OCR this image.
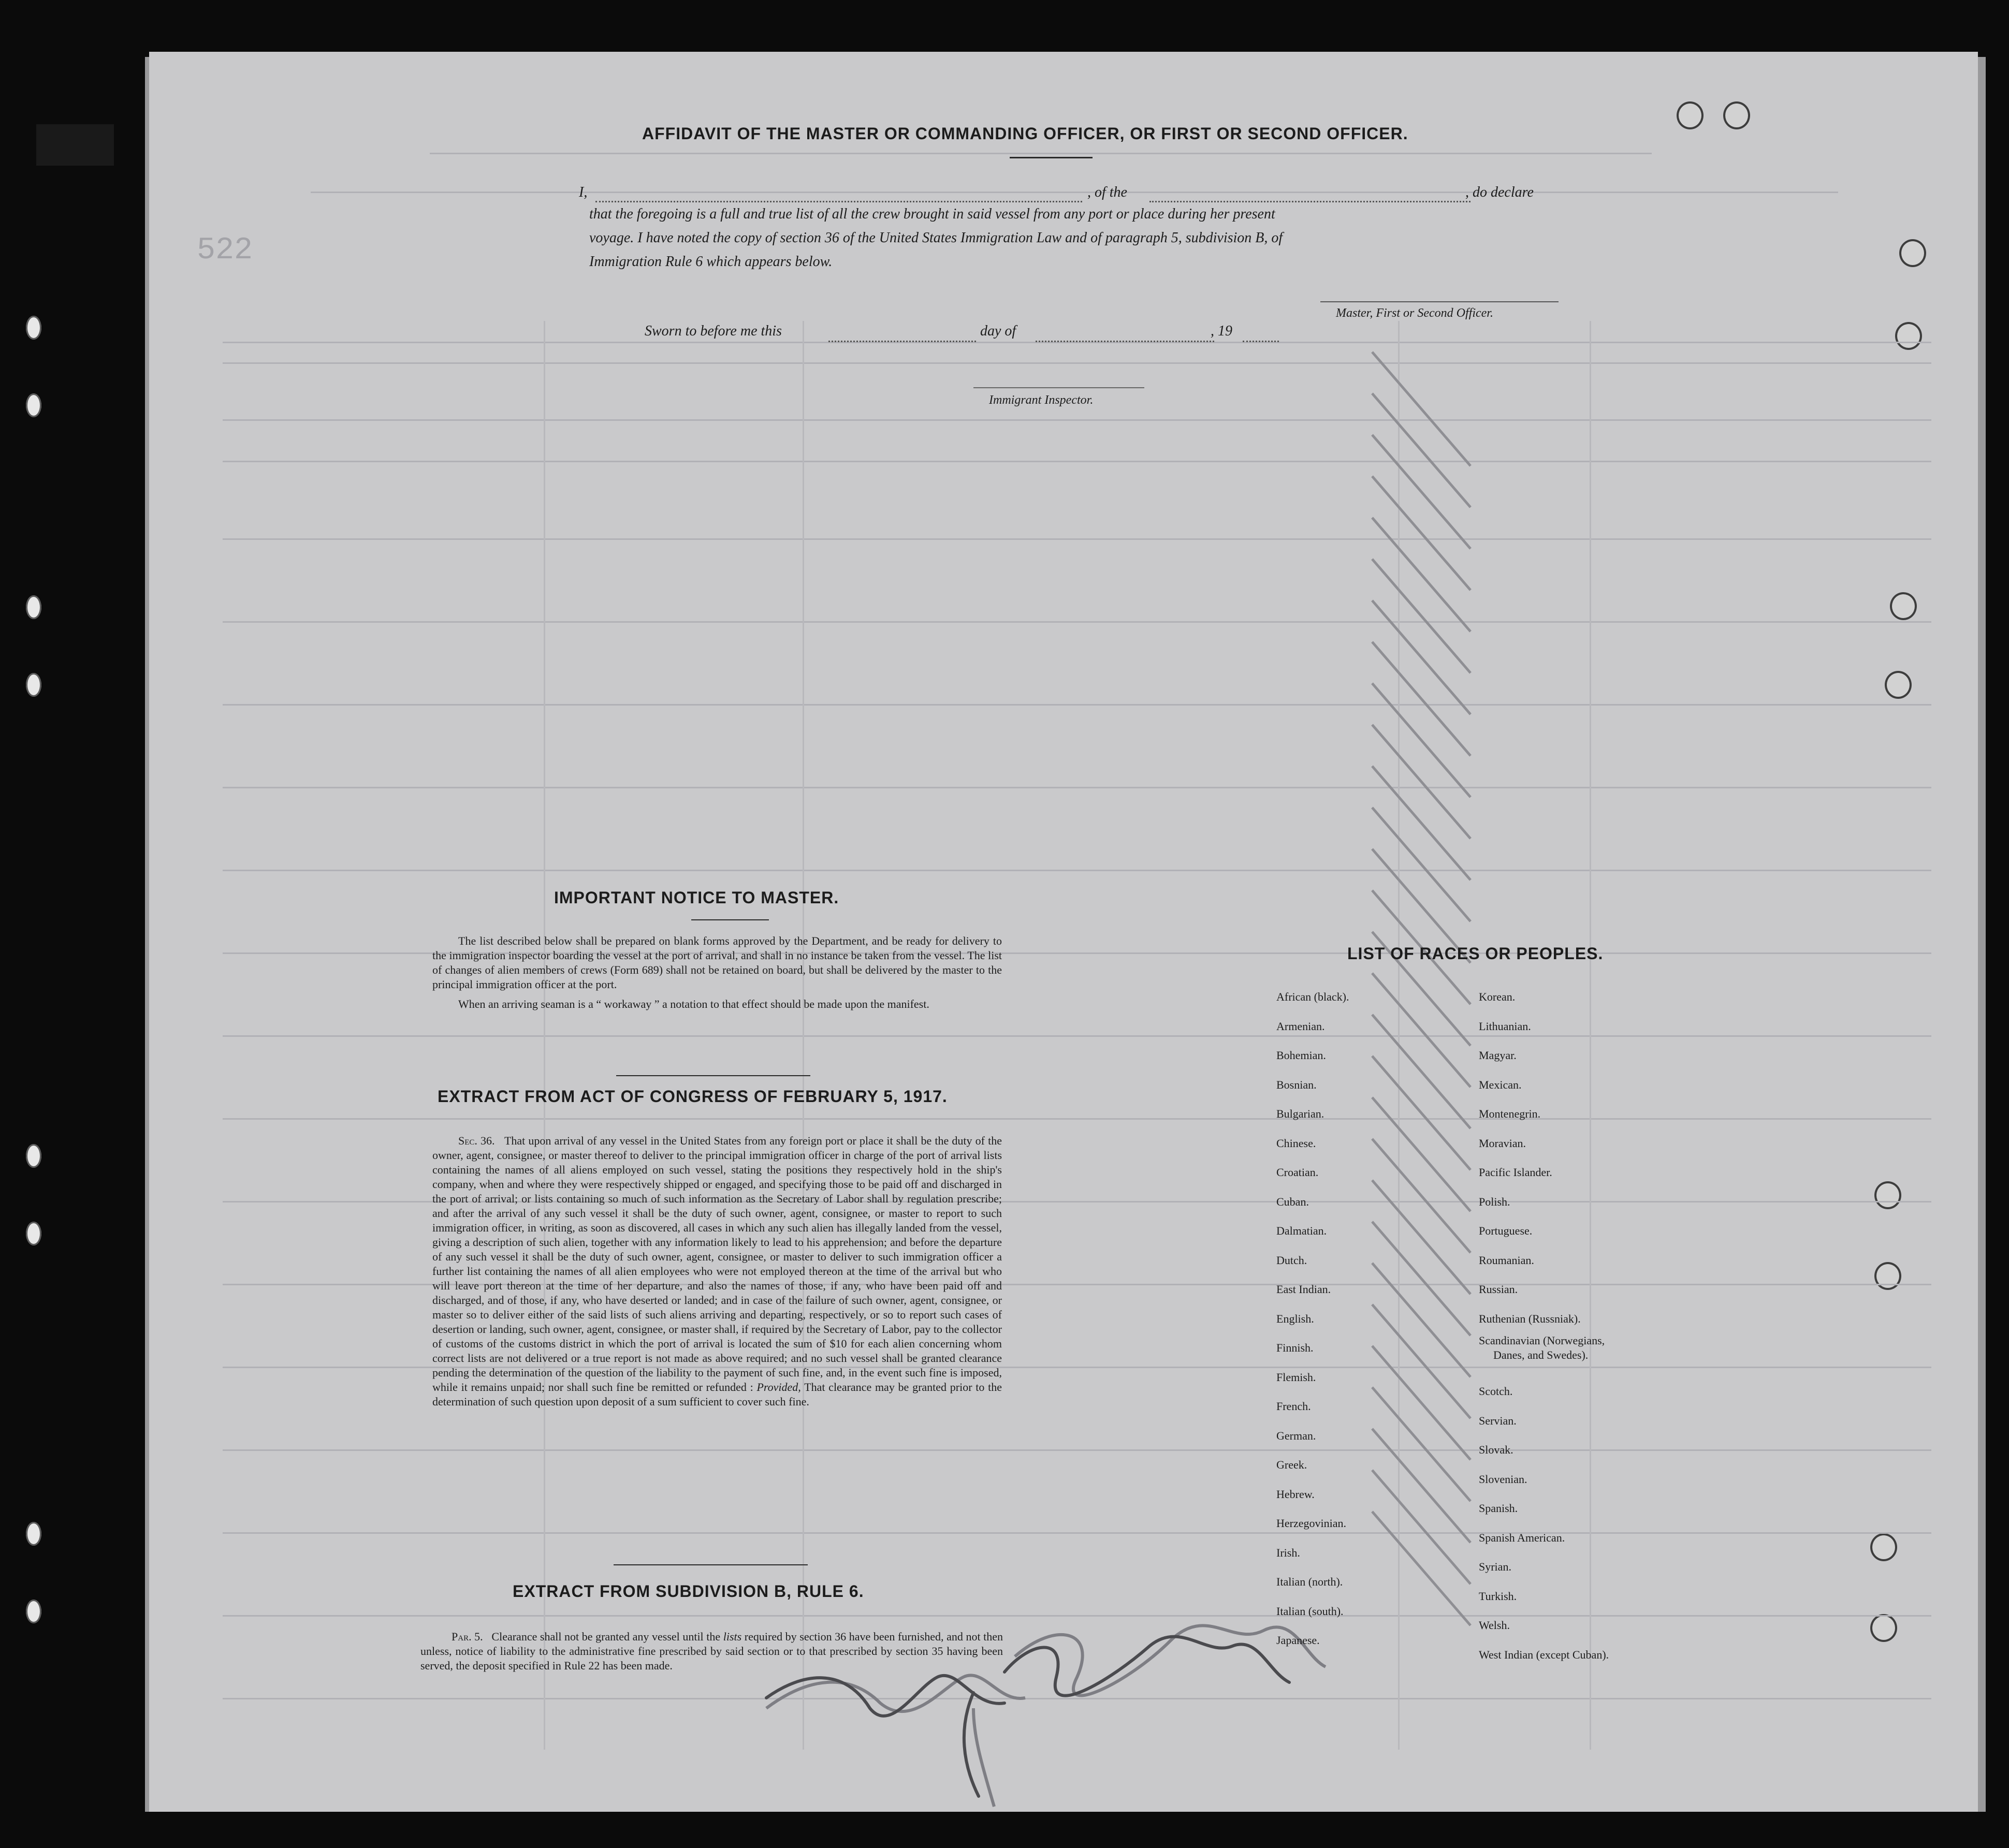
522
AFFIDAVIT OF THE MASTER OR COMMANDING OFFICER, OR FIRST OR SECOND OFFICER.
I,	, of the	, do declare
that the foregoing is a full and true list of all the crew brought in said vessel from any port or place during her present
voyage. I have noted the copy of section 36 of the United States Immigration Law and of paragraph 5, subdivision B, of
Immigration Rule 6 which appears below.
Master, First or Second Officer.
Sworn to before me this	day of	, 19
Immigrant Inspector.
IMPORTANT NOTICE TO MASTER.

The list described below shall be prepared on blank forms approved by the Department, and be ready for delivery to the immigration inspector boarding the vessel at the port of arrival, and shall in no instance be taken from the vessel. The list of changes of alien members of crews (Form 689) shall not be retained on board, but shall be delivered by the master to the principal immigration officer at the port.

When an arriving seaman is a “ workaway ” a notation to that effect should be made upon the manifest.

EXTRACT FROM ACT OF CONGRESS OF FEBRUARY 5, 1917.

Sec. 36. That upon arrival of any vessel in the United States from any foreign port or place it shall be the duty of the owner, agent, consignee, or master thereof to deliver to the principal immigration officer in charge of the port of arrival lists containing the names of all aliens employed on such vessel, stating the positions they respectively hold in the ship's company, when and where they were respectively shipped or engaged, and specifying those to be paid off and discharged in the port of arrival; or lists containing so much of such information as the Secretary of Labor shall by regulation prescribe; and after the arrival of any such vessel it shall be the duty of such owner, agent, consignee, or master to report to such immigration officer, in writing, as soon as discovered, all cases in which any such alien has illegally landed from the vessel, giving a description of such alien, together with any information likely to lead to his apprehension; and before the departure of any such vessel it shall be the duty of such owner, agent, consignee, or master to deliver to such immigration officer a further list containing the names of all alien employees who were not employed thereon at the time of the arrival but who will leave port thereon at the time of her departure, and also the names of those, if any, who have been paid off and discharged, and of those, if any, who have deserted or landed; and in case of the failure of such owner, agent, consignee, or master so to deliver either of the said lists of such aliens arriving and departing, respectively, or so to report such cases of desertion or landing, such owner, agent, consignee, or master shall, if required by the Secretary of Labor, pay to the collector of customs of the customs district in which the port of arrival is located the sum of $10 for each alien concerning whom correct lists are not delivered or a true report is not made as above required; and no such vessel shall be granted clearance pending the determination of the question of the liability to the payment of such fine, and, in the event such fine is imposed, while it remains unpaid; nor shall such fine be remitted or refunded : Provided, That clearance may be granted prior to the determination of such question upon deposit of a sum sufficient to cover such fine.

EXTRACT FROM SUBDIVISION B, RULE 6.

Par. 5. Clearance shall not be granted any vessel until the lists required by section 36 have been furnished, and not then unless, notice of liability to the administrative fine prescribed by said section or to that prescribed by section 35 having been served, the deposit specified in Rule 22 has been made.

LIST OF RACES OR PEOPLES.
African (black).
Armenian.
Bohemian.
Bosnian.
Bulgarian.
Chinese.
Croatian.
Cuban.
Dalmatian.
Dutch.
East Indian.
English.
Finnish.
Flemish.
French.
German.
Greek.
Hebrew.
Herzegovinian.
Irish.
Italian (north).
Italian (south).
Japanese.
Korean.
Lithuanian.
Magyar.
Mexican.
Montenegrin.
Moravian.
Pacific Islander.
Polish.
Portuguese.
Roumanian.
Russian.
Ruthenian (Russniak).
Scandinavian (Norwegians,
Danes, and Swedes).
Scotch.
Servian.
Slovak.
Slovenian.
Spanish.
Spanish American.
Syrian.
Turkish.
Welsh.
West Indian (except Cuban).
